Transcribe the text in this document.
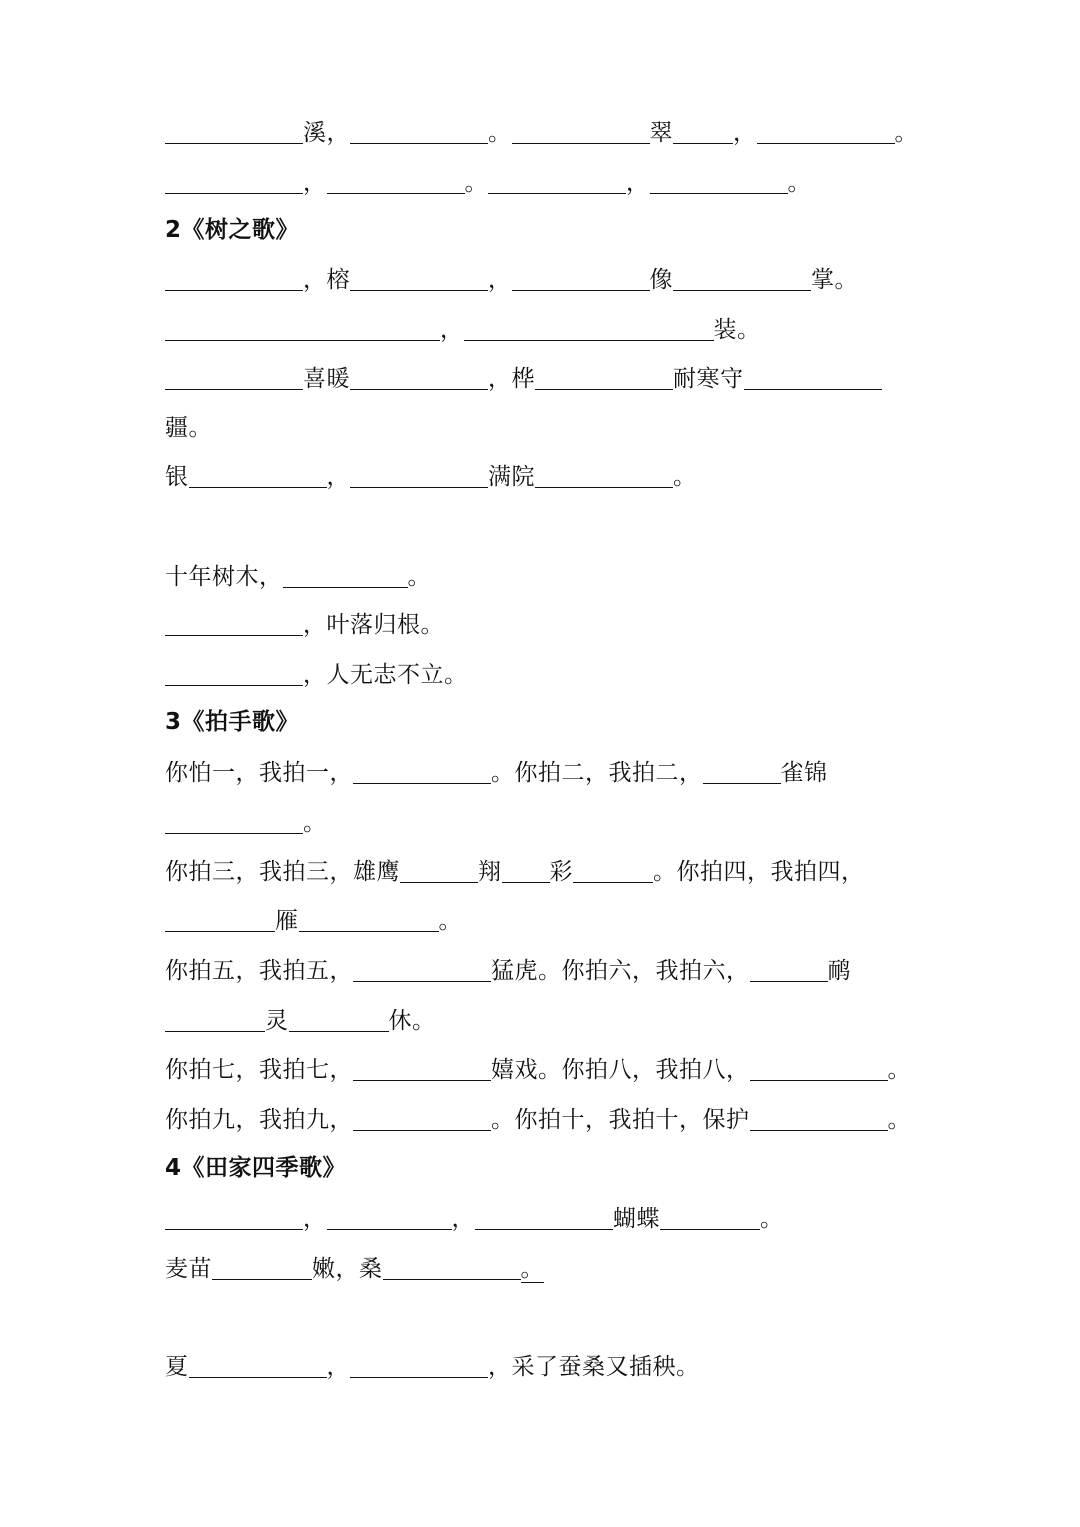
溪，	。	翠	，	。
，	。	，	。
2《树之歌》
，榕	，	像	掌。
，	装。
喜暖	，桦	耐寒守
疆。
银	，	满院	。
十年树木，	。
，叶落归根。
，人无志不立。
3《拍手歌》
你怕一，我拍一，	。你拍二，我拍二，	雀锦
。
你拍三，我拍三，雄鹰	翔 彩	。你拍四，我拍四，
雁	。
你拍五，我拍五，	猛虎。你拍六，我拍六，	鸸
灵	休。
你拍七，我拍七，	嬉戏。你拍八，我拍八，	。
你拍九，我拍九，	。你拍十，我拍十，保护	。
4《田家四季歌》
，	，	蝴蝶	。
麦苗	嫩，桑	。
夏	，	，采了蚕桑又插秧。
